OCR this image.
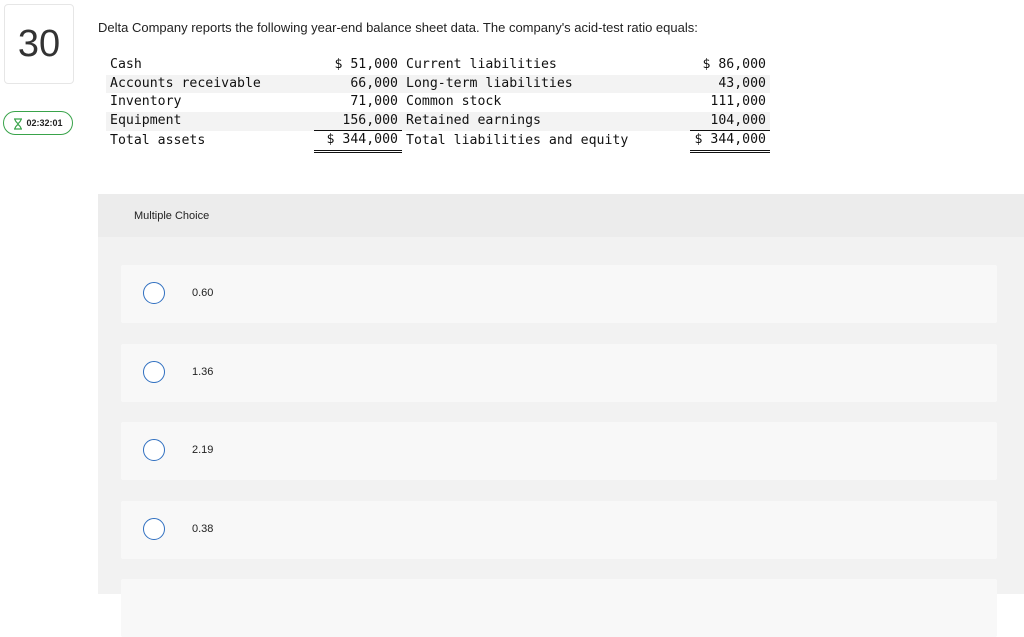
30
02:32:01
Delta Company reports the following year-end balance sheet data. The company's acid-test ratio equals:
Cash	$ 51,000	Current liabilities	$ 86,000
Accounts receivable	66,000	Long-term liabilities	43,000
Inventory	71,000	Common stock	111,000
Equipment	156,000	Retained earnings	104,000
Total assets	$ 344,000	Total liabilities and equity	$ 344,000
Multiple Choice
0.60
1.36
2.19
0.38
